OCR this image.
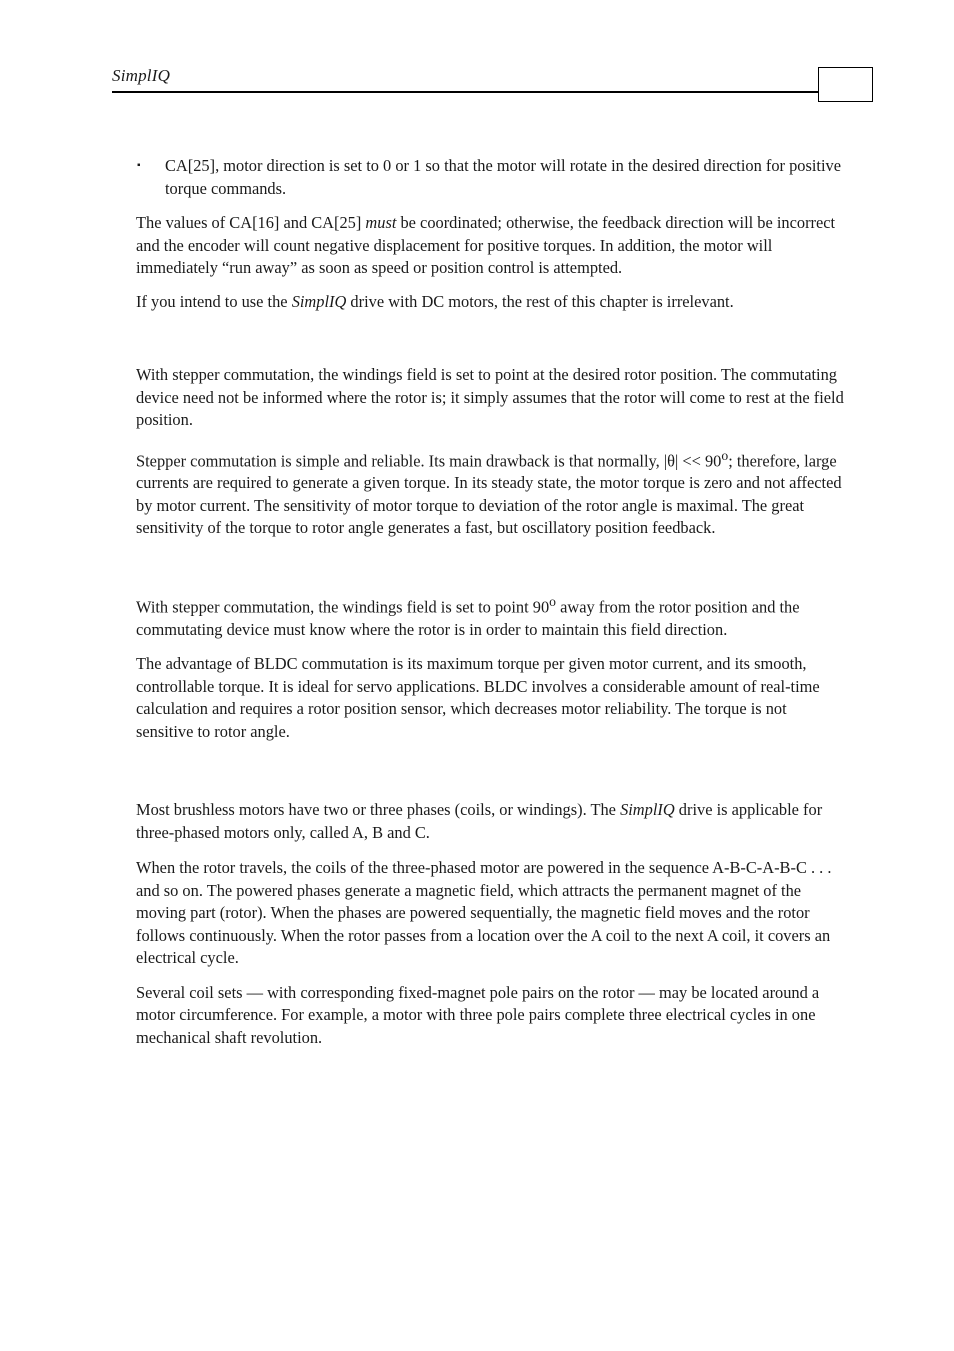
SimplIQ
▪ CA[25], motor direction is set to 0 or 1 so that the motor will rotate in the desired direction for positive torque commands.

The values of CA[16] and CA[25] must be coordinated; otherwise, the feedback direction will be incorrect and the encoder will count negative displacement for positive torques. In addition, the motor will immediately “run away” as soon as speed or position control is attempted.

If you intend to use the SimplIQ drive with DC motors, the rest of this chapter is irrelevant.

With stepper commutation, the windings field is set to point at the desired rotor position. The commutating device need not be informed where the rotor is; it simply assumes that the rotor will come to rest at the field position.

Stepper commutation is simple and reliable. Its main drawback is that normally, $|\theta| << 90^o$; therefore, large currents are required to generate a given torque. In its steady state, the motor torque is zero and not affected by motor current. The sensitivity of motor torque to deviation of the rotor angle is maximal. The great sensitivity of the torque to rotor angle generates a fast, but oscillatory position feedback.

With stepper commutation, the windings field is set to point 90$^o$ away from the rotor position and the commutating device must know where the rotor is in order to maintain this field direction.

The advantage of BLDC commutation is its maximum torque per given motor current, and its smooth, controllable torque. It is ideal for servo applications. BLDC involves a considerable amount of real-time calculation and requires a rotor position sensor, which decreases motor reliability. The torque is not sensitive to rotor angle.

Most brushless motors have two or three phases (coils, or windings). The SimplIQ drive is applicable for three-phased motors only, called A, B and C.

When the rotor travels, the coils of the three-phased motor are powered in the sequence A-B-C-A-B-C . . . and so on. The powered phases generate a magnetic field, which attracts the permanent magnet of the moving part (rotor). When the phases are powered sequentially, the magnetic field moves and the rotor follows continuously. When the rotor passes from a location over the A coil to the next A coil, it covers an electrical cycle.

Several coil sets — with corresponding fixed-magnet pole pairs on the rotor — may be located around a motor circumference. For example, a motor with three pole pairs complete three electrical cycles in one mechanical shaft revolution.
